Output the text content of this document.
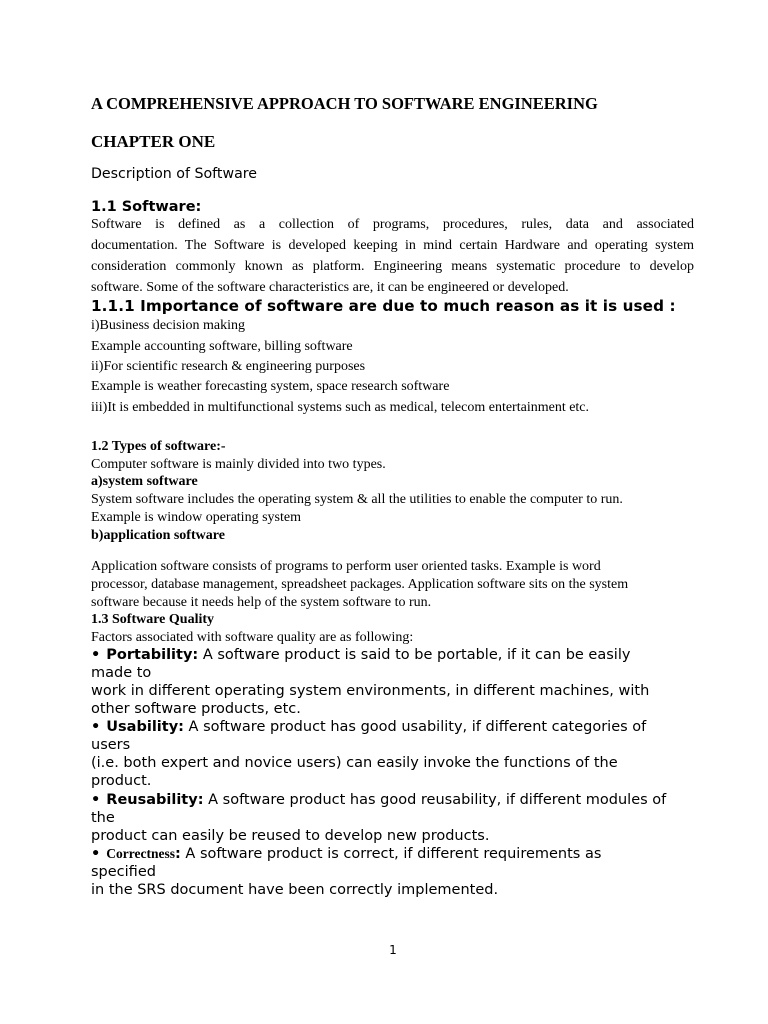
A COMPREHENSIVE APPROACH TO SOFTWARE ENGINEERING
CHAPTER ONE
Description of Software
1.1 Software:
Software is defined as a collection of programs, procedures, rules, data and associated
documentation. The Software is developed keeping in mind certain Hardware and operating system
consideration commonly known as platform. Engineering means systematic procedure to develop
software. Some of the software characteristics are, it can be engineered or developed.
1.1.1 Importance of software are due to much reason as it is used :
i)Business decision making
Example accounting software, billing software
ii)For scientific research & engineering purposes
Example is weather forecasting system, space research software
iii)It is embedded in multifunctional systems such as medical, telecom entertainment etc.
1.2 Types of software:-
Computer software is mainly divided into two types.
a)system software
System software includes the operating system & all the utilities to enable the computer to run.
Example is window operating system
b)application software
Application software consists of programs to perform user oriented tasks. Example is word
processor, database management, spreadsheet packages. Application software sits on the system
software because it needs help of the system software to run.
1.3 Software Quality
Factors associated with software quality are as following:
• Portability: A software product is said to be portable, if it can be easily
made to
work in different operating system environments, in different machines, with
other software products, etc.
• Usability: A software product has good usability, if different categories of
users
(i.e. both expert and novice users) can easily invoke the functions of the
product.
• Reusability: A software product has good reusability, if different modules of
the
product can easily be reused to develop new products.
• Correctness: A software product is correct, if different requirements as
specified
in the SRS document have been correctly implemented.
1
